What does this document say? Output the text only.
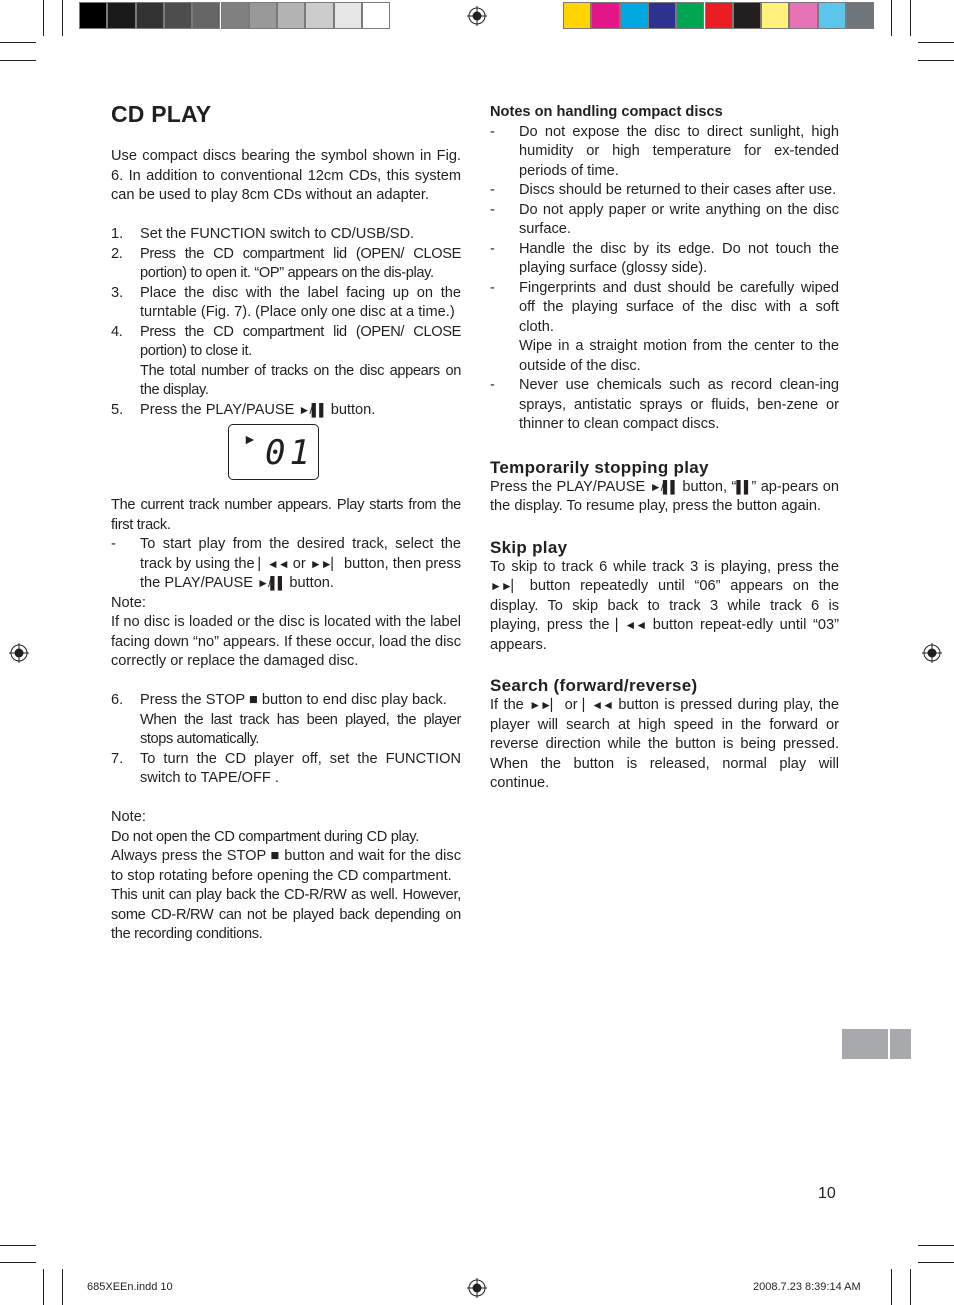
CD PLAY

Use compact discs bearing the symbol shown in Fig. 6. In addition to conventional 12cm CDs, this system can be used to play 8cm CDs without an adapter.

1. Set the FUNCTION switch to CD/USB/SD.
2. Press the CD compartment lid (OPEN/ CLOSE portion) to open it. “OP” appears on the dis-play.
3. Place the disc with the label facing up on the turntable (Fig. 7). (Place only one disc at a time.)
4. Press the CD compartment lid (OPEN/ CLOSE portion) to close it.
The total number of tracks on the disc appears on the display.
5. Press the PLAY/PAUSE ►/▌▌ button.
► 01

The current track number appears. Play starts from the first track.

- To start play from the desired track, select the track by using the ▏◄◄ or ►►▏ button, then press the PLAY/PAUSE ►/▌▌ button.

Note:

If no disc is loaded or the disc is located with the label facing down “no” appears. If these occur, load the disc correctly or replace the damaged disc.

6. Press the STOP ■ button to end disc play back.
When the last track has been played, the player stops automatically.
7. To turn the CD player off, set the FUNCTION switch to TAPE/OFF .

Note:

Do not open the CD compartment during CD play.

Always press the STOP ■ button and wait for the disc to stop rotating before opening the CD compartment.

This unit can play back the CD-R/RW as well. However, some CD-R/RW can not be played back depending on the recording conditions.

Notes on handling compact discs

- Do not expose the disc to direct sunlight, high humidity or high temperature for ex-tended periods of time.
- Discs should be returned to their cases after use.
- Do not apply paper or write anything on the disc surface.
- Handle the disc by its edge. Do not touch the playing surface (glossy side).
- Fingerprints and dust should be carefully wiped off the playing surface of the disc with a soft cloth.
Wipe in a straight motion from the center to the outside of the disc.
- Never use chemicals such as record clean-ing sprays, antistatic sprays or fluids, ben-zene or thinner to clean compact discs.
Temporarily stopping play

Press the PLAY/PAUSE ►/▌▌ button, “▌▌” ap-pears on the display. To resume play, press the button again.

Skip play

To skip to track 6 while track 3 is playing, press the ►►▏ button repeatedly until “06” appears on the display. To skip back to track 3 while track 6 is playing, press the ▏◄◄ button repeat-edly until “03” appears.

Search (forward/reverse)

If the ►►▏ or ▏◄◄ button is pressed during play, the player will search at high speed in the forward or reverse direction while the button is being pressed. When the button is released, normal play will continue.

10
685XEEn.indd 10	2008.7.23 8:39:14 AM
